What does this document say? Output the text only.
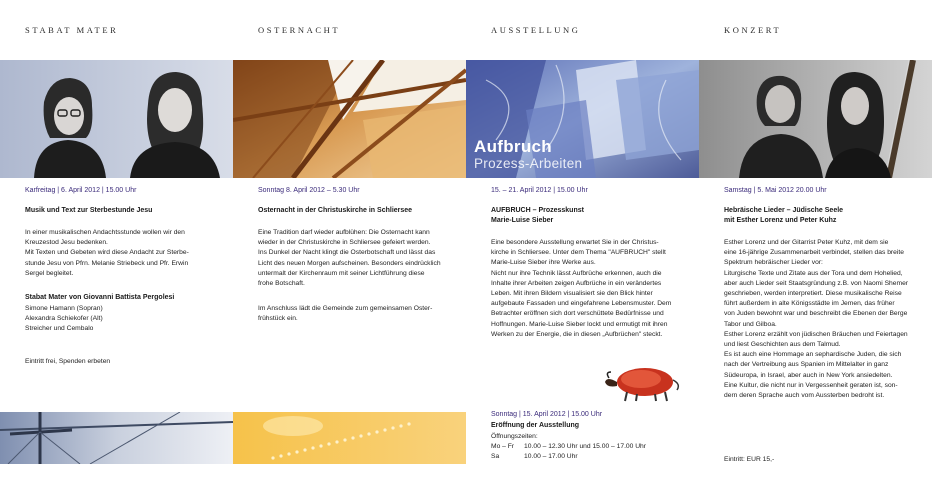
STABAT MATER
Karfreitag | 6. April 2012 | 15.00 Uhr
Musik und Text zur Sterbestunde Jesu
In einer musikalischen Andachtsstunde wollen wir den
Kreuzestod Jesu bedenken.
Mit Texten und Gebeten wird diese Andacht zur Sterbe-
stunde Jesu von Pfrn. Melanie Striebeck und Pfr. Erwin
Sergel begleitet.
Stabat Mater von Giovanni Battista Pergolesi
Simone Hamann (Sopran)
Alexandra Schiekofer (Alt)
Streicher und Cembalo
Eintritt frei, Spenden erbeten
OSTERNACHT
Sonntag 8. April 2012 – 5.30 Uhr
Osternacht in der Christuskirche in Schliersee
Eine Tradition darf wieder aufblühen: Die Osternacht kann
wieder in der Christuskirche in Schliersee gefeiert werden.
Ins Dunkel der Nacht klingt die Osterbotschaft und lässt das
Licht des neuen Morgen aufscheinen. Besonders eindrücklich
untermalt der Kirchenraum mit seiner Lichtführung diese
frohe Botschaft.
Im Anschluss lädt die Gemeinde zum gemeinsamen Oster-
frühstück ein.
AUSSTELLUNG
Aufbruch
Prozess-Arbeiten
15. – 21. April 2012 | 15.00 Uhr
AUFBRUCH – Prozesskunst
Marie-Luise Sieber
Eine besondere Ausstellung erwartet Sie in der Christus-
kirche in Schliersee. Unter dem Thema "AUFBRUCH" stellt
Marie-Luise Sieber ihre Werke aus.
Nicht nur ihre Technik lässt Aufbrüche erkennen, auch die
Inhalte ihrer Arbeiten zeigen Aufbrüche in ein verändertes
Leben. Mit ihren Bildern visualisiert sie den Blick hinter
aufgebaute Fassaden und eingefahrene Lebensmuster. Dem
Betrachter eröffnen sich dort verschüttete Bedürfnisse und
Hoffnungen. Marie-Luise Sieber lockt und ermutigt mit ihren
Werken zu der Energie, die in diesen „Aufbrüchen" steckt.
Sonntag | 15. April 2012 | 15.00 Uhr
Eröffnung der Ausstellung
Öffnungszeiten:
Mo – Fr	10.00 – 12.30 Uhr und 15.00 – 17.00 Uhr
Sa	10.00 – 17.00 Uhr
KONZERT
Samstag | 5. Mai 2012 20.00 Uhr
Hebräische Lieder – Jüdische Seele
mit Esther Lorenz und Peter Kuhz
Esther Lorenz und der Gitarrist Peter Kuhz, mit dem sie
eine 16-jährige Zusammenarbeit verbindet, stellen das breite
Spektrum hebräischer Lieder vor:
Liturgische Texte und Zitate aus der Tora und dem Hohelied,
aber auch Lieder seit Staatsgründung z.B. von Naomi Shemer
geschrieben, werden interpretiert. Diese musikalische Reise
führt außerdem in alte Königsstädte im Jemen, das früher
von Juden bewohnt war und beschreibt die Ebenen der Berge
Tabor und Gilboa.
Esther Lorenz erzählt von jüdischen Bräuchen und Feiertagen
und liest Geschichten aus dem Talmud.
Es ist auch eine Hommage an sephardische Juden, die sich
nach der Vertreibung aus Spanien im Mittelalter in ganz
Südeuropa, in Israel, aber auch in New York ansiedelten.
Eine Kultur, die nicht nur in Vergessenheit geraten ist, son-
dern deren Sprache auch vom Aussterben bedroht ist.
Eintritt: EUR 15,-
